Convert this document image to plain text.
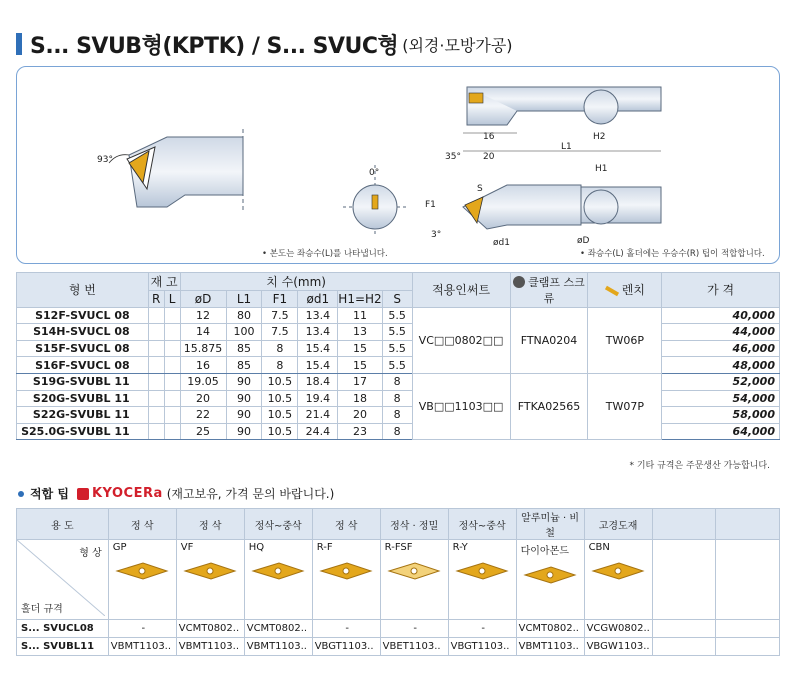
S... SVUB형(KPTK) / S... SVUC형 (외경·모방가공)
93°
0°
16	H2
L1
20
35°
H1
F1
S
3°
ød1	øD
• 본도는 좌승수(L)를 나타냅니다.	• 좌승수(L) 홀더에는 우승수(R) 팁이 적합합니다.
형 번	재 고		치 수(mm)						적용인써트	클램프 스크류	렌치	가 격
	R	L	øD	L1	F1	ød1	H1=H2	S				
S12F-SVUCL 08			12	80	7.5	13.4	11	5.5	VC□□0802□□	FTNA0204	TW06P	40,000
S14H-SVUCL 08			14	100	7.5	13.4	13	5.5				44,000
S15F-SVUCL 08			15.875	85	8	15.4	15	5.5				46,000
S16F-SVUCL 08			16	85	8	15.4	15	5.5				48,000
S19G-SVUBL 11			19.05	90	10.5	18.4	17	8	VB□□1103□□	FTKA02565	TW07P	52,000
S20G-SVUBL 11			20	90	10.5	19.4	18	8				54,000
S22G-SVUBL 11			22	90	10.5	21.4	20	8				58,000
S25.0G-SVUBL 11			25	90	10.5	24.4	23	8				64,000
* 기타 규격은 주문생산 가능합니다.
적합 팁 KYOCERa (재고보유, 가격 문의 바랍니다.)
용 도	정 삭	정 삭	정삭~중삭	정 삭	정삭 · 정밀	정삭~중삭	알루미늄 · 비철	고경도재		

형 상
홀더 규격	GP	VF	HQ	R-F	R-FSF	R-Y	다이아몬드	CBN		

S... SVUCL08	-	VCMT0802..	VCMT0802..	-	-	-	VCMT0802..	VCGW0802..		
S... SVUBL11	VBMT1103..	VBMT1103..	VBMT1103..	VBGT1103..	VBET1103..	VBGT1103..	VBMT1103..	VBGW1103..		
